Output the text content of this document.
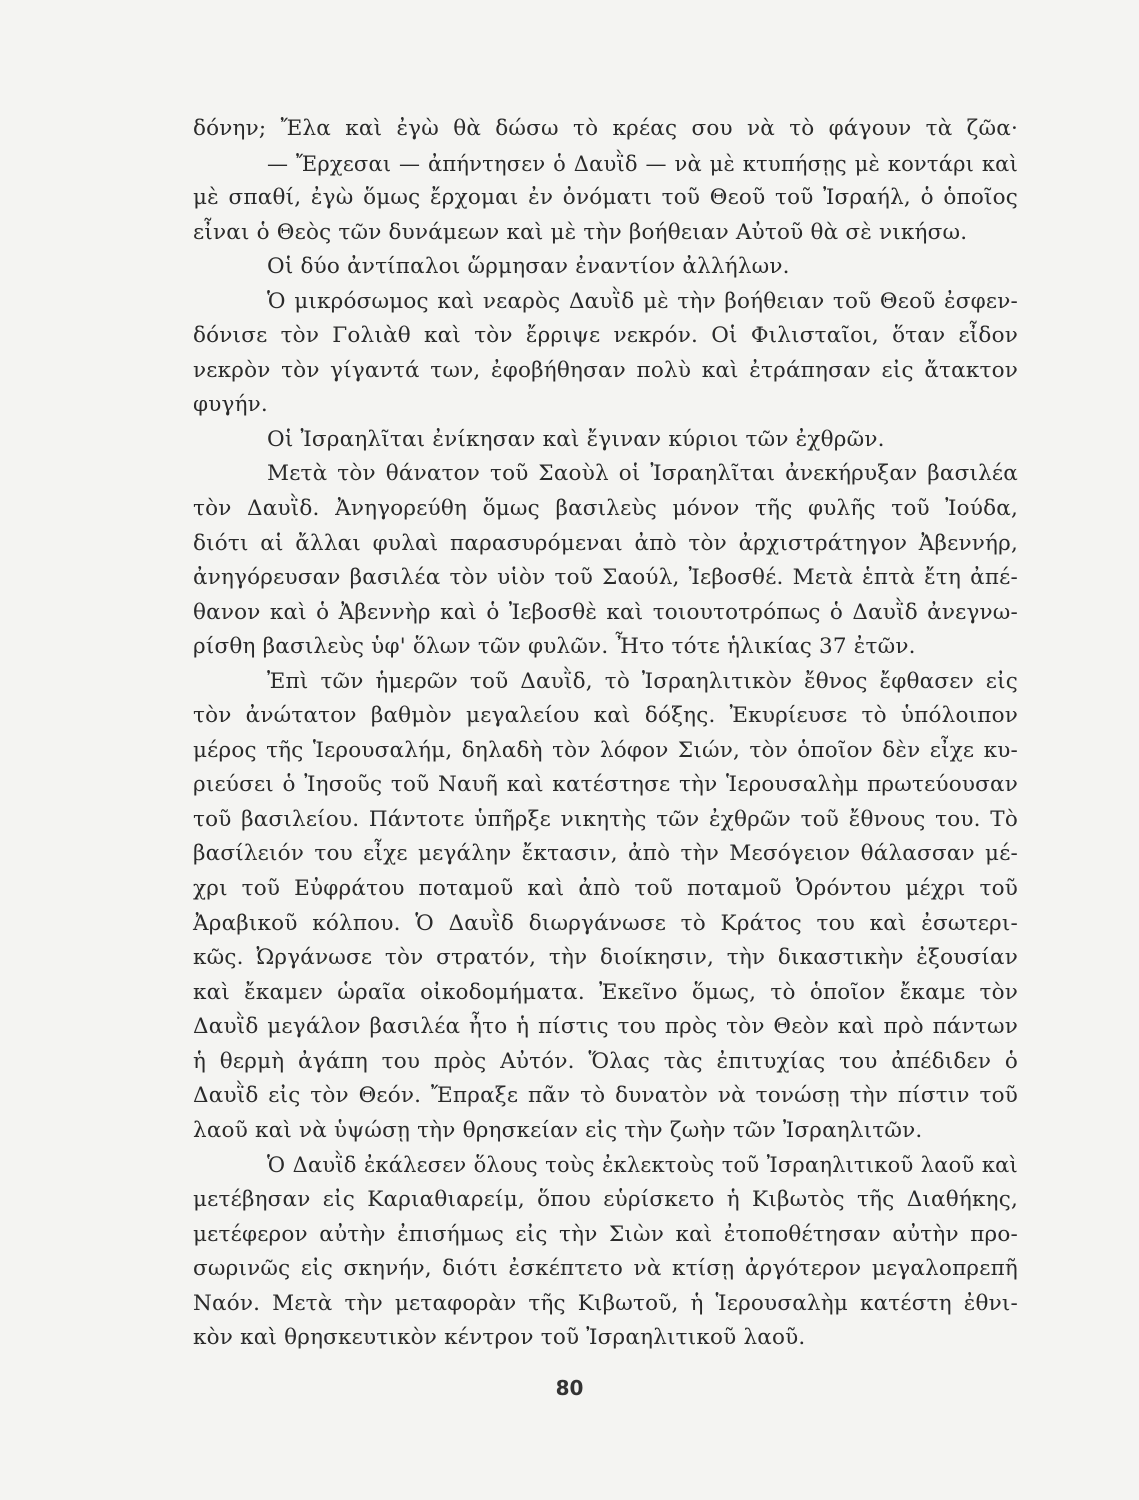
δόνην; Ἔλα καὶ ἐγὼ θὰ δώσω τὸ κρέας σου νὰ τὸ φάγουν τὰ ζῶα·
— Ἔρχεσαι — ἀπήντησεν ὁ Δαυῒδ — νὰ μὲ κτυπήσῃς μὲ κοντάρι καὶ
μὲ σπαθί, ἐγὼ ὅμως ἔρχομαι ἐν ὀνόματι τοῦ Θεοῦ τοῦ Ἰσραήλ, ὁ ὁποῖος
εἶναι ὁ Θεὸς τῶν δυνάμεων καὶ μὲ τὴν βοήθειαν Αὐτοῦ θὰ σὲ νικήσω.
Οἱ δύο ἀντίπαλοι ὥρμησαν ἐναντίον ἀλλήλων.
Ὁ μικρόσωμος καὶ νεαρὸς Δαυῒδ μὲ τὴν βοήθειαν τοῦ Θεοῦ ἐσφεν-
δόνισε τὸν Γολιὰθ καὶ τὸν ἔρριψε νεκρόν. Οἱ Φιλισταῖοι, ὅταν εἶδον
νεκρὸν τὸν γίγαντά των, ἐφοβήθησαν πολὺ καὶ ἐτράπησαν εἰς ἄτακτον
φυγήν.
Οἱ Ἰσραηλῖται ἐνίκησαν καὶ ἔγιναν κύριοι τῶν ἐχθρῶν.
Μετὰ τὸν θάνατον τοῦ Σαοὺλ οἱ Ἰσραηλῖται ἀνεκήρυξαν βασιλέα
τὸν Δαυῒδ. Ἀνηγορεύθη ὅμως βασιλεὺς μόνον τῆς φυλῆς τοῦ Ἰούδα,
διότι αἱ ἄλλαι φυλαὶ παρασυρόμεναι ἀπὸ τὸν ἀρχιστράτηγον Ἀβεννήρ,
ἀνηγόρευσαν βασιλέα τὸν υἱὸν τοῦ Σαούλ, Ἰεβοσθέ. Μετὰ ἑπτὰ ἔτη ἀπέ-
θανον καὶ ὁ Ἀβεννὴρ καὶ ὁ Ἰεβοσθὲ καὶ τοιουτοτρόπως ὁ Δαυῒδ ἀνεγνω-
ρίσθη βασιλεὺς ὑφ' ὅλων τῶν φυλῶν. Ἦτο τότε ἡλικίας 37 ἐτῶν.
Ἐπὶ τῶν ἡμερῶν τοῦ Δαυῒδ, τὸ Ἰσραηλιτικὸν ἔθνος ἔφθασεν εἰς
τὸν ἀνώτατον βαθμὸν μεγαλείου καὶ δόξης. Ἐκυρίευσε τὸ ὑπόλοιπον
μέρος τῆς Ἱερουσαλήμ, δηλαδὴ τὸν λόφον Σιών, τὸν ὁποῖον δὲν εἶχε κυ-
ριεύσει ὁ Ἰησοῦς τοῦ Ναυῆ καὶ κατέστησε τὴν Ἱερουσαλὴμ πρωτεύουσαν
τοῦ βασιλείου. Πάντοτε ὑπῆρξε νικητὴς τῶν ἐχθρῶν τοῦ ἔθνους του. Τὸ
βασίλειόν του εἶχε μεγάλην ἔκτασιν, ἀπὸ τὴν Μεσόγειον θάλασσαν μέ-
χρι τοῦ Εὐφράτου ποταμοῦ καὶ ἀπὸ τοῦ ποταμοῦ Ὀρόντου μέχρι τοῦ
Ἀραβικοῦ κόλπου. Ὁ Δαυῒδ διωργάνωσε τὸ Κράτος του καὶ ἐσωτερι-
κῶς. Ὠργάνωσε τὸν στρατόν, τὴν διοίκησιν, τὴν δικαστικὴν ἐξουσίαν
καὶ ἔκαμεν ὡραῖα οἰκοδομήματα. Ἐκεῖνο ὅμως, τὸ ὁποῖον ἔκαμε τὸν
Δαυῒδ μεγάλον βασιλέα ἦτο ἡ πίστις του πρὸς τὸν Θεὸν καὶ πρὸ πάντων
ἡ θερμὴ ἀγάπη του πρὸς Αὐτόν. Ὅλας τὰς ἐπιτυχίας του ἀπέδιδεν ὁ
Δαυῒδ εἰς τὸν Θεόν. Ἔπραξε πᾶν τὸ δυνατὸν νὰ τονώσῃ τὴν πίστιν τοῦ
λαοῦ καὶ νὰ ὑψώσῃ τὴν θρησκείαν εἰς τὴν ζωὴν τῶν Ἰσραηλιτῶν.
Ὁ Δαυῒδ ἐκάλεσεν ὅλους τοὺς ἐκλεκτοὺς τοῦ Ἰσραηλιτικοῦ λαοῦ καὶ
μετέβησαν εἰς Καριαθιαρείμ, ὅπου εὑρίσκετο ἡ Κιβωτὸς τῆς Διαθήκης,
μετέφερον αὐτὴν ἐπισήμως εἰς τὴν Σιὼν καὶ ἐτοποθέτησαν αὐτὴν προ-
σωρινῶς εἰς σκηνήν, διότι ἐσκέπτετο νὰ κτίσῃ ἀργότερον μεγαλοπρεπῆ
Ναόν. Μετὰ τὴν μεταφορὰν τῆς Κιβωτοῦ, ἡ Ἱερουσαλὴμ κατέστη ἐθνι-
κὸν καὶ θρησκευτικὸν κέντρον τοῦ Ἰσραηλιτικοῦ λαοῦ.
80
